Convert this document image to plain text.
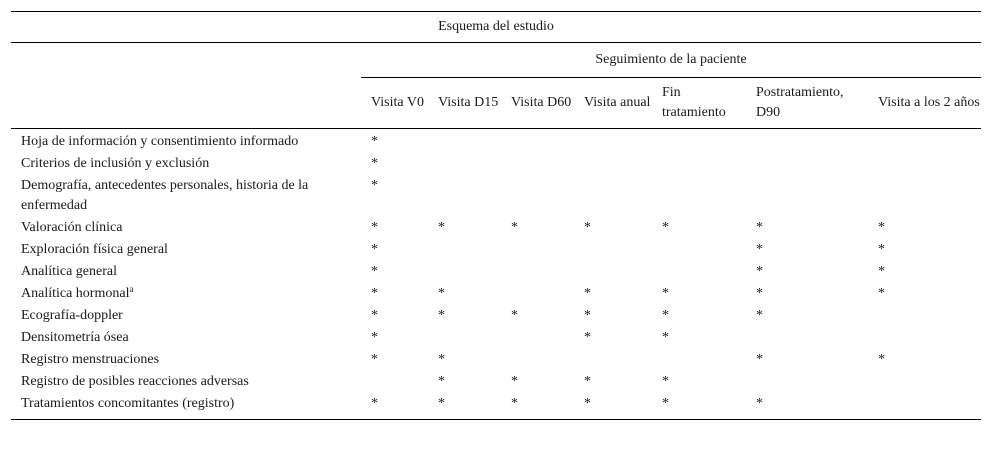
Esquema del estudio							
	Seguimiento de la paciente						
	Visita V0	Visita D15	Visita D60	Visita anual	Fin tratamiento	Postratamiento, D90	Visita a los 2 años
Hoja de información y consentimiento informado	*						
Criterios de inclusión y exclusión	*						
Demografía, antecedentes personales, historia de la enfermedad	*						
Valoración clínica	*	*	*	*	*	*	*
Exploración física general	*					*	*
Analítica general	*					*	*
Analítica hormonal$^a$	*	*		*	*	*	*
Ecografía-doppler	*	*	*	*	*	*	
Densitometría ósea	*			*	*		
Registro menstruaciones	*	*				*	*
Registro de posibles reacciones adversas		*	*	*	*		
Tratamientos concomitantes (registro)	*	*	*	*	*	*	
